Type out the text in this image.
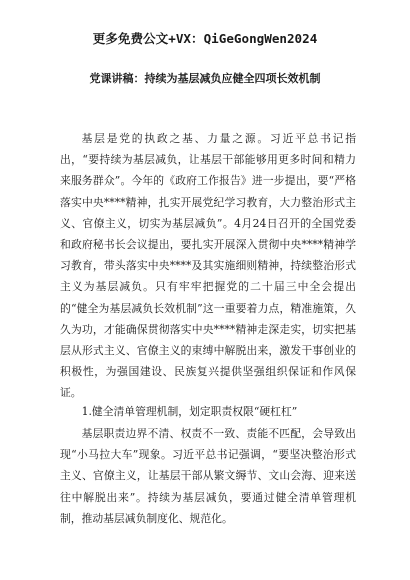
更多免费公文+VX：QiGeGongWen2024
党课讲稿：持续为基层减负应健全四项长效机制

基层是党的执政之基、力量之源。习近平总书记指出，“要持续为基层减负，让基层干部能够用更多时间和精力来服务群众”。今年的《政府工作报告》进一步提出，要“严格落实中央****精神，扎实开展党纪学习教育，大力整治形式主义、官僚主义，切实为基层减负”。4月24日召开的全国党委和政府秘书长会议提出，要扎实开展深入贯彻中央****精神学习教育，带头落实中央****及其实施细则精神，持续整治形式主义为基层减负。只有牢牢把握党的二十届三中全会提出的“健全为基层减负长效机制”这一重要着力点，精准施策，久久为功，才能确保贯彻落实中央****精神走深走实，切实把基层从形式主义、官僚主义的束缚中解脱出来，激发干事创业的积极性，为强国建设、民族复兴提供坚强组织保证和作风保证。

1.健全清单管理机制，划定职责权限“硬杠杠”

基层职责边界不清、权责不一致、责能不匹配，会导致出现“小马拉大车”现象。习近平总书记强调，“要坚决整治形式主义、官僚主义，让基层干部从繁文缛节、文山会海、迎来送往中解脱出来”。持续为基层减负，要通过健全清单管理机制，推动基层减负制度化、规范化。
